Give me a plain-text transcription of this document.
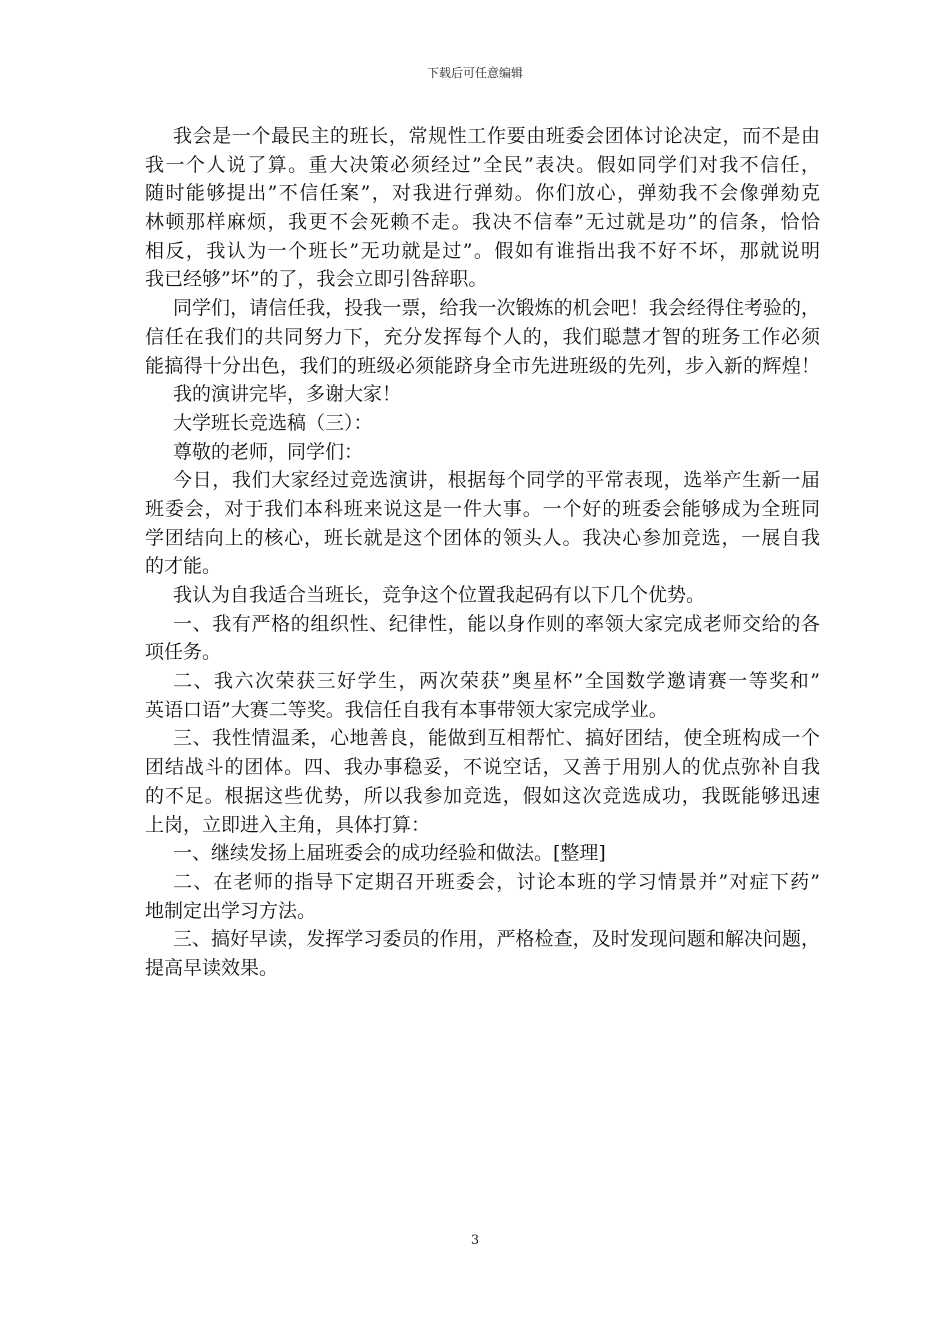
下载后可任意编辑
我会是一个最民主的班长，常规性工作要由班委会团体讨论决定，而不是由
我一个人说了算。重大决策必须经过”全民”表决。假如同学们对我不信任，
随时能够提出”不信任案”，对我进行弹劾。你们放心，弹劾我不会像弹劾克
林顿那样麻烦，我更不会死赖不走。我决不信奉”无过就是功”的信条，恰恰
相反，我认为一个班长”无功就是过”。假如有谁指出我不好不坏，那就说明
我已经够”坏”的了，我会立即引咎辞职。
同学们，请信任我，投我一票，给我一次锻炼的机会吧！我会经得住考验的，
信任在我们的共同努力下，充分发挥每个人的，我们聪慧才智的班务工作必须
能搞得十分出色，我们的班级必须能跻身全市先进班级的先列，步入新的辉煌！
我的演讲完毕，多谢大家！
大学班长竞选稿（三）：
尊敬的老师，同学们：
今日，我们大家经过竞选演讲，根据每个同学的平常表现，选举产生新一届
班委会，对于我们本科班来说这是一件大事。一个好的班委会能够成为全班同
学团结向上的核心，班长就是这个团体的领头人。我决心参加竞选，一展自我
的才能。
我认为自我适合当班长，竞争这个位置我起码有以下几个优势。
一、我有严格的组织性、纪律性，能以身作则的率领大家完成老师交给的各
项任务。
二、我六次荣获三好学生，两次荣获”奥星杯”全国数学邀请赛一等奖和”
英语口语”大赛二等奖。我信任自我有本事带领大家完成学业。
三、我性情温柔，心地善良，能做到互相帮忙、搞好团结，使全班构成一个
团结战斗的团体。四、我办事稳妥，不说空话，又善于用别人的优点弥补自我
的不足。根据这些优势，所以我参加竞选，假如这次竞选成功，我既能够迅速
上岗，立即进入主角，具体打算：
一、继续发扬上届班委会的成功经验和做法。[整理]
二、在老师的指导下定期召开班委会，讨论本班的学习情景并”对症下药”
地制定出学习方法。
三、搞好早读，发挥学习委员的作用，严格检查，及时发现问题和解决问题，
提高早读效果。
3
